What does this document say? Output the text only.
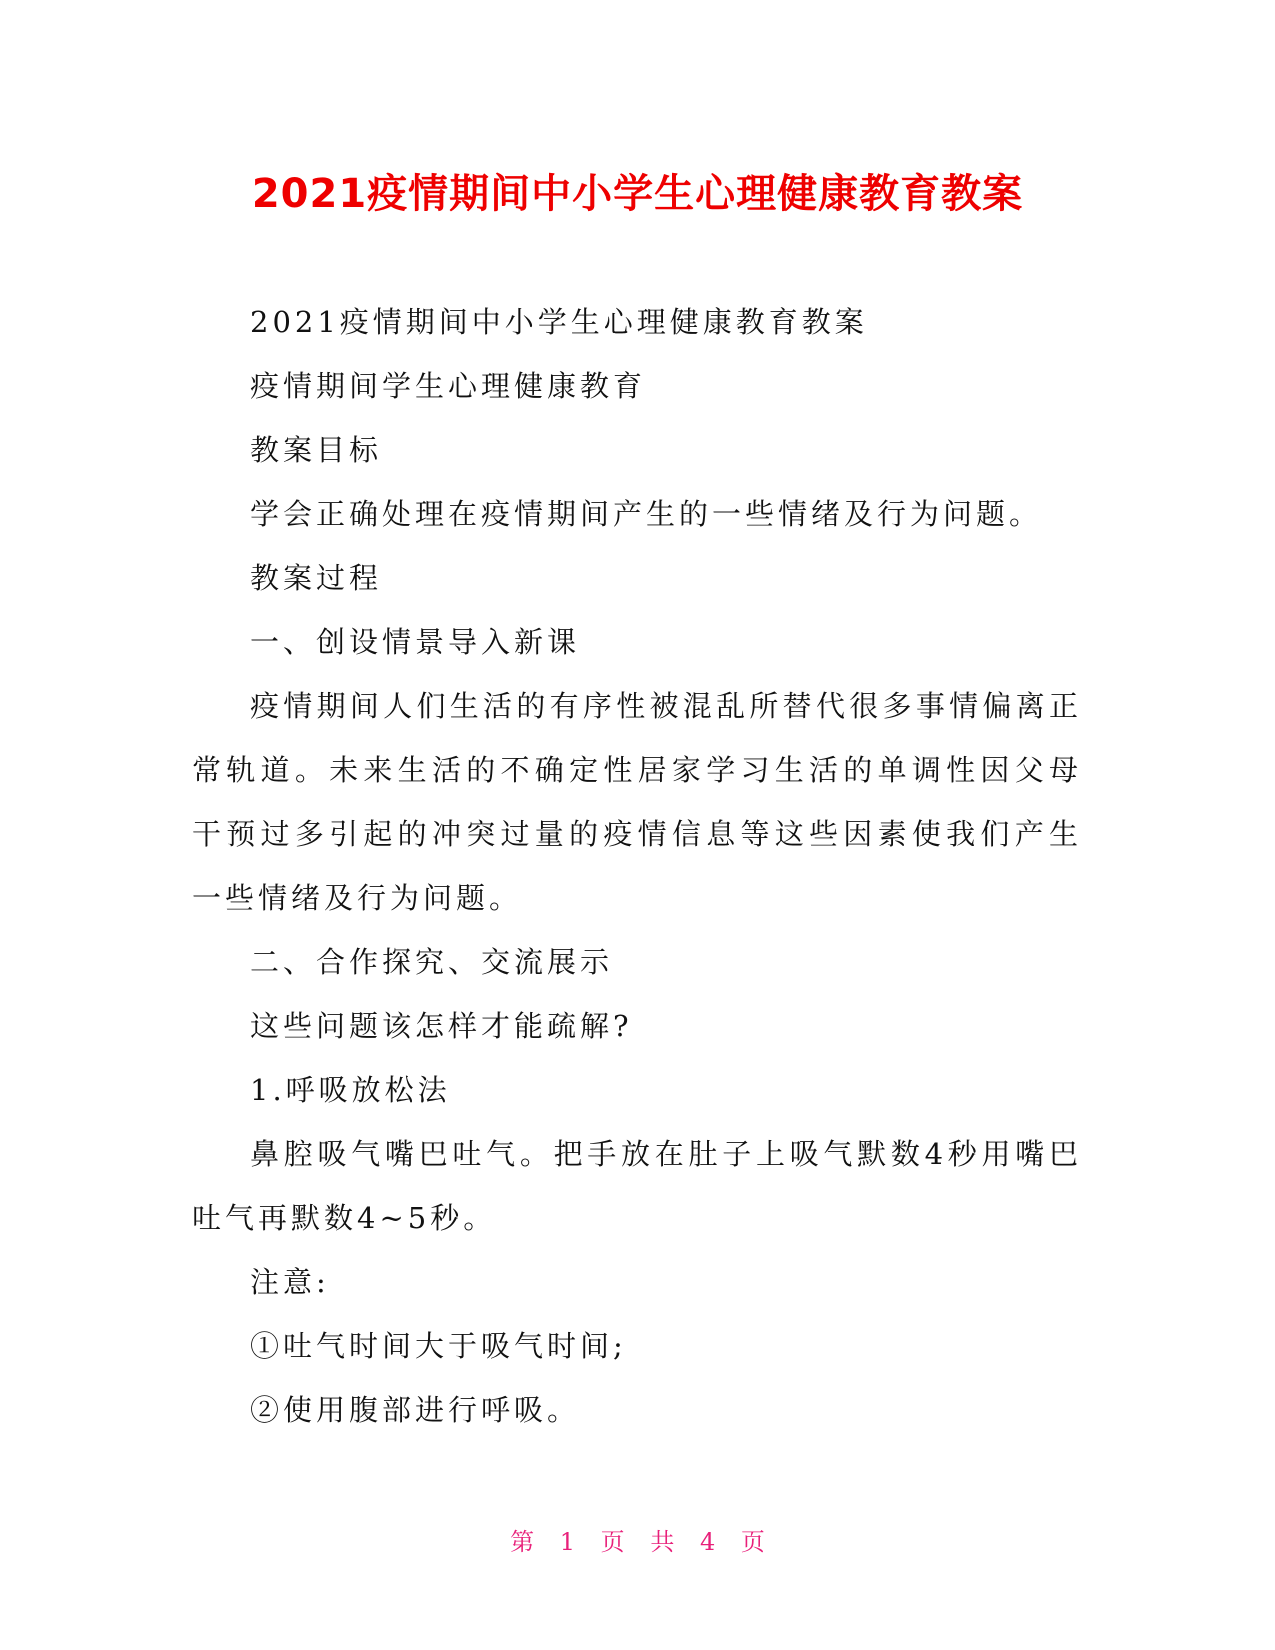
2021疫情期间中小学生心理健康教育教案

2021疫情期间中小学生心理健康教育教案

疫情期间学生心理健康教育

教案目标

学会正确处理在疫情期间产生的一些情绪及行为问题。

教案过程

一、创设情景导入新课

疫情期间人们生活的有序性被混乱所替代很多事情偏离正常轨道。未来生活的不确定性居家学习生活的单调性因父母干预过多引起的冲突过量的疫情信息等这些因素使我们产生一些情绪及行为问题。

二、合作探究、交流展示

这些问题该怎样才能疏解?

1.呼吸放松法

鼻腔吸气嘴巴吐气。把手放在肚子上吸气默数4秒用嘴巴吐气再默数4~5秒。

注意:

①吐气时间大于吸气时间;

②使用腹部进行呼吸。

第 1 页 共 4 页
